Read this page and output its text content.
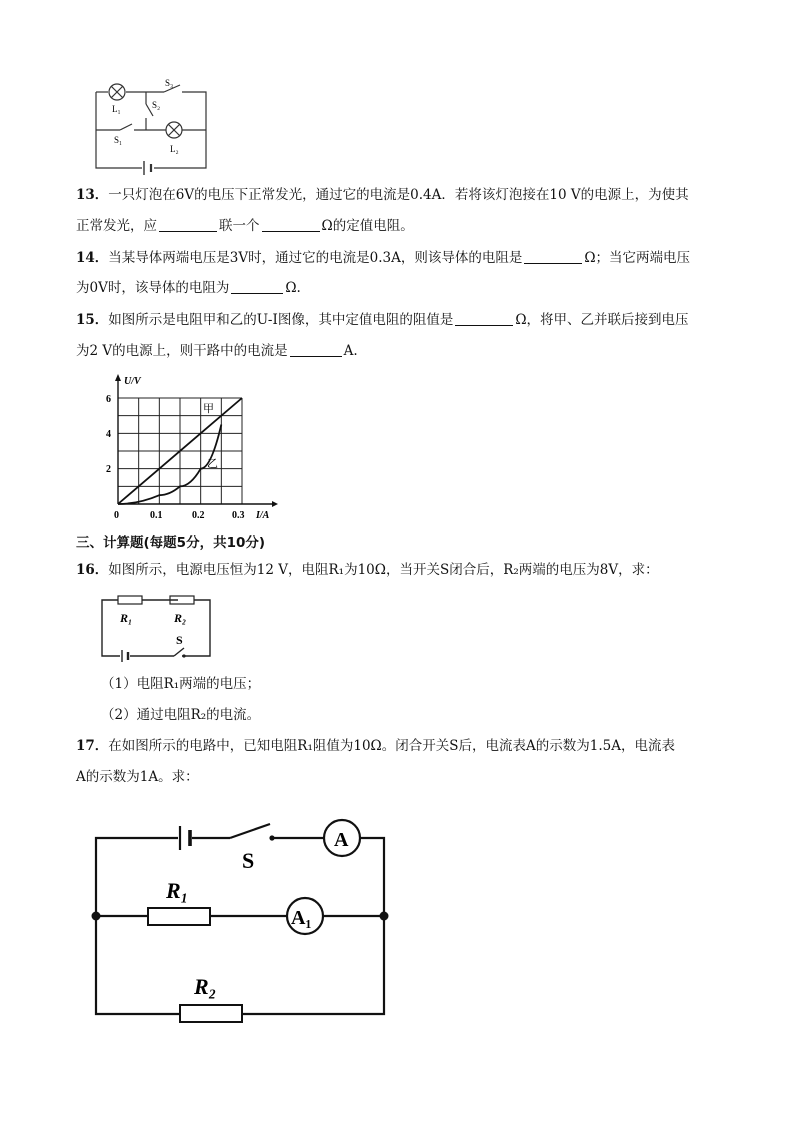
S₃
S₂
S₁
L₁
L₂
13．一只灯泡在6V的电压下正常发光，通过它的电流是0.4A．若将该灯泡接在10 V的电源上，为使其
正常发光，应	联一个	Ω的定值电阻。
14．当某导体两端电压是3V时，通过它的电流是0.3A，则该导体的电阻是	Ω；当它两端电压
为0V时，该导体的电阻为	Ω.
15．如图所示是电阻甲和乙的U-I图像，其中定值电阻的阻值是	Ω，将甲、乙并联后接到电压
为2 V的电源上，则干路中的电流是	A.
U/V
I/A
6
4
2
0	0.1	0.2	0.3
甲
乙
三、计算题(每题5分，共10分)
16．如图所示，电源电压恒为12 V，电阻R₁为10Ω，当开关S闭合后，R₂两端的电压为8V，求：
R₁	R₂
S
（1）电阻R₁两端的电压；
（2）通过电阻R₂的电流。
17．在如图所示的电路中，已知电阻R₁阻值为10Ω。闭合开关S后，电流表A的示数为1.5A，电流表
A的示数为1A。求：
S
A
A₁
R₁
R₂
